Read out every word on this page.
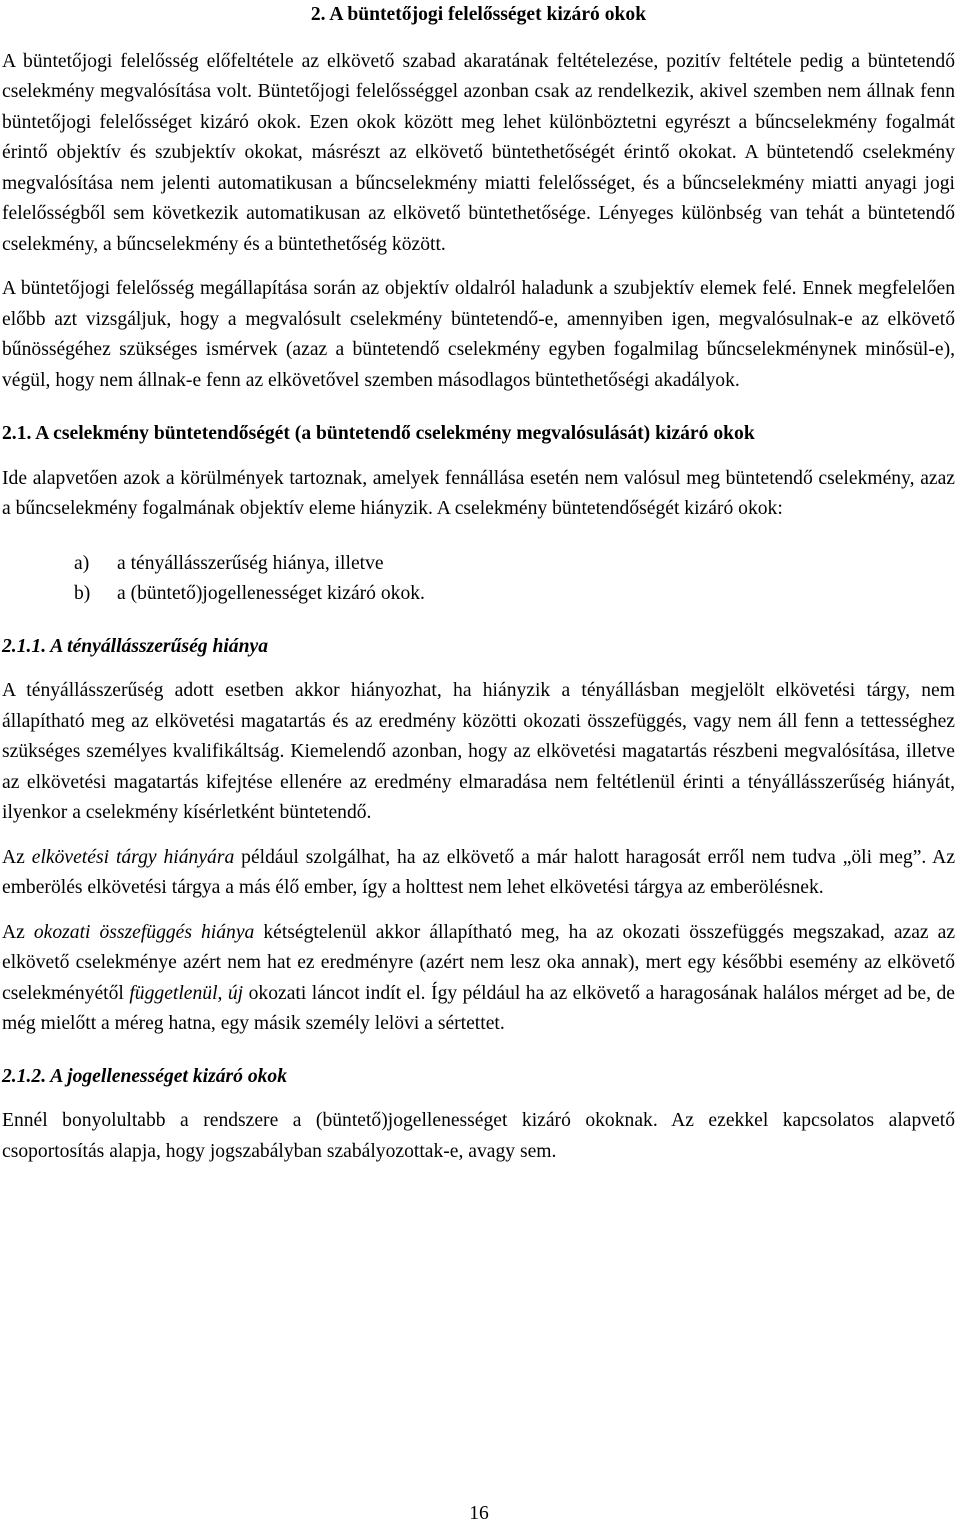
2. A büntetőjogi felelősséget kizáró okok

A büntetőjogi felelősség előfeltétele az elkövető szabad akaratának feltételezése, pozitív feltétele pedig a büntetendő cselekmény megvalósítása volt. Büntetőjogi felelősséggel azonban csak az rendelkezik, akivel szemben nem állnak fenn büntetőjogi felelősséget kizáró okok. Ezen okok között meg lehet különböztetni egyrészt a bűncselekmény fogalmát érintő objektív és szubjektív okokat, másrészt az elkövető büntethetőségét érintő okokat. A büntetendő cselekmény megvalósítása nem jelenti automatikusan a bűncselekmény miatti felelősséget, és a bűncselekmény miatti anyagi jogi felelősségből sem következik automatikusan az elkövető büntethetősége. Lényeges különbség van tehát a büntetendő cselekmény, a bűncselekmény és a büntethetőség között.

A büntetőjogi felelősség megállapítása során az objektív oldalról haladunk a szubjektív elemek felé. Ennek megfelelően előbb azt vizsgáljuk, hogy a megvalósult cselekmény büntetendő-e, amennyiben igen, megvalósulnak-e az elkövető bűnösségéhez szükséges ismérvek (azaz a büntetendő cselekmény egyben fogalmilag bűncselekménynek minősül-e), végül, hogy nem állnak-e fenn az elkövetővel szemben másodlagos büntethetőségi akadályok.

2.1. A cselekmény büntetendőségét (a büntetendő cselekmény megvalósulását) kizáró okok

Ide alapvetően azok a körülmények tartoznak, amelyek fennállása esetén nem valósul meg büntetendő cselekmény, azaz a bűncselekmény fogalmának objektív eleme hiányzik. A cselekmény büntetendőségét kizáró okok:

a) a tényállásszerűség hiánya, illetve
b) a (büntető)jogellenességet kizáró okok.

2.1.1. A tényállásszerűség hiánya

A tényállásszerűség adott esetben akkor hiányozhat, ha hiányzik a tényállásban megjelölt elkövetési tárgy, nem állapítható meg az elkövetési magatartás és az eredmény közötti okozati összefüggés, vagy nem áll fenn a tettességhez szükséges személyes kvalifikáltság. Kiemelendő azonban, hogy az elkövetési magatartás részbeni megvalósítása, illetve az elkövetési magatartás kifejtése ellenére az eredmény elmaradása nem feltétlenül érinti a tényállásszerűség hiányát, ilyenkor a cselekmény kísérletként büntetendő.

Az elkövetési tárgy hiányára például szolgálhat, ha az elkövető a már halott haragosát erről nem tudva „öli meg”. Az emberölés elkövetési tárgya a más élő ember, így a holttest nem lehet elkövetési tárgya az emberölésnek.

Az okozati összefüggés hiánya kétségtelenül akkor állapítható meg, ha az okozati összefüggés megszakad, azaz az elkövető cselekménye azért nem hat ez eredményre (azért nem lesz oka annak), mert egy későbbi esemény az elkövető cselekményétől függetlenül, új okozati láncot indít el. Így például ha az elkövető a haragosának halálos mérget ad be, de még mielőtt a méreg hatna, egy másik személy lelövi a sértettet.

2.1.2. A jogellenességet kizáró okok

Ennél bonyolultabb a rendszere a (büntető)jogellenességet kizáró okoknak. Az ezekkel kapcsolatos alapvető csoportosítás alapja, hogy jogszabályban szabályozottak-e, avagy sem.

16
